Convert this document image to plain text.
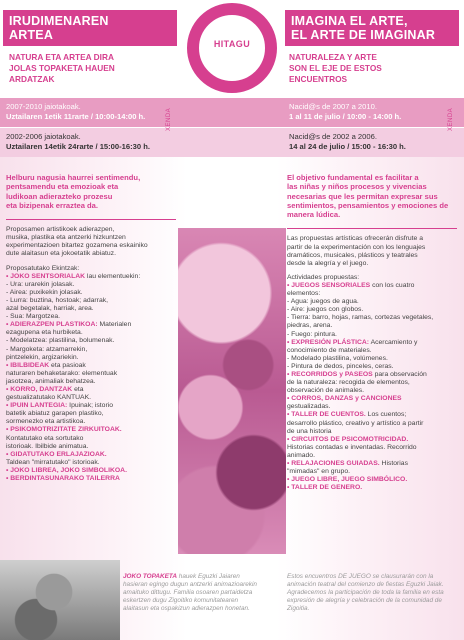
IRUDIMENAREN
ARTEA
IMAGINA EL ARTE,
EL ARTE DE IMAGINAR
NATURA ETA ARTEA DIRA
JOLAS TOPAKETA HAUEN
ARDATZAK
NATURALEZA Y ARTE
SON EL EJE DE ESTOS
ENCUENTROS
HITAGU
2007-2010 jaiotakoak.
Uztailaren 1etik 11rarte / 10:00-14:00 h.
Nacid@s de 2007 a 2010.
1 al 11 de julio / 10:00 - 14:00 h.
2002-2006 jaiotakoak.
Uztailaren 14etik 24rarte / 15:00-16:30 h.
Nacid@s de 2002 a 2006.
14 al 24 de julio / 15:00 - 16:30 h.
XENDA	XENDA
Helburu nagusia haurrei sentimendu,
pentsamendu eta emozioak eta
ludikoan adierazteko prozesu
eta bizipenak erraztea da.
Proposamen artistikoek adierazpen,
musika, plastika eta antzerki hizkuntzen
experimentazioen bitartez gozamena eskainiko
dute alaitasun eta jokoetatik abiatuz.
Proposatutako Ekintzak:
• JOKO SENTSORIALAK lau elementuekin:
- Ura: urarekin jolasak.
- Airea: puxikekin jolasak.
- Lurra: buztina, hostoak; adarrak,
azal begetalak, harriak, area.
- Sua: Margotzea.
• ADIERAZPEN PLASTIKOA: Materialen
ezagupena eta hurbiketa.
- Modelatzea: plastilina, bolumenak.
- Margoketa: atzamarrekin,
pintzelekin, argizariekin.
• IBILBIDEAK eta pasioak
naturaren behaketarako: elementuak
jasotzea, animaliak behatzea.
• KORRO, DANTZAK eta
gestualizatutako KANTUAK.
• IPUIN LANTEGIA: Ipuinak; istorio
batetik abiatuz garapen plastiko,
sormenezko eta artistikoa.
• PSIKOMOTRIZITATE ZIRKUITOAK.
Kontatutako eta sortutako
istorioak. Ibilbide animatua.
• GIDATUTAKO ERLAJAZIOAK.
Taldean "mirratutako" istorioak.
• JOKO LIBREA, JOKO SIMBOLIKOA.
• BERDINTASUNARAKO TAILERRA
El objetivo fundamental es facilitar a
las niñas y niños procesos y vivencias
necesarias que les permitan expresar sus
sentimientos, pensamientos y emociones de
manera lúdica.
Las propuestas artísticas ofrecerán disfrute a
partir de la experimentación con los lenguajes
dramáticos, musicales, plásticos y teatrales
desde la alegría y el juego.
Actividades propuestas:
• JUEGOS SENSORIALES con los cuatro
elementos:
- Agua: juegos de agua.
- Aire: juegos con globos.
- Tierra: barro, hojas, ramas, cortezas vegetales,
piedras, arena.
- Fuego: pintura.
• EXPRESIÓN PLÁSTICA: Acercamiento y
conocimiento de materiales.
- Modelado plastilina, volúmenes.
- Pintura de dedos, pinceles, ceras.
• RECORRIDOS y PASEOS para observación
de la naturaleza: recogida de elementos,
observación de animales.
• CORROS, DANZAS y CANCIONES
gestualizadas.
• TALLER DE CUENTOS. Los cuentos;
desarrollo plástico, creativo y artístico a partir
de una historia
• CIRCUITOS DE PSICOMOTRICIDAD.
Historias contadas e inventadas. Recorrido
animado.
• RELAJACIONES GUIADAS. Historias
"mimadas" en grupo.
• JUEGO LIBRE, JUEGO SIMBÓLICO.
• TALLER DE GENERO.
JOKO TOPAKETA hauek Eguzki Jaiaren
hasieran egingo dugun antzerki animazioarekin
amaituko dittugu. Familia osoaren partaidetza
eskertzen dugu Zigoitiko komunitatearen
alaitasun eta ospakizun adierazpen honetan.
Estos encuentros DE JUEGO se clausurarán con la
animación teatral del comienzo de fiestas Eguzki Jaiak.
Agradecemos la participación de toda la familia en esta
expresión de alegría y celebración de la comunidad de
Zigoitia.
